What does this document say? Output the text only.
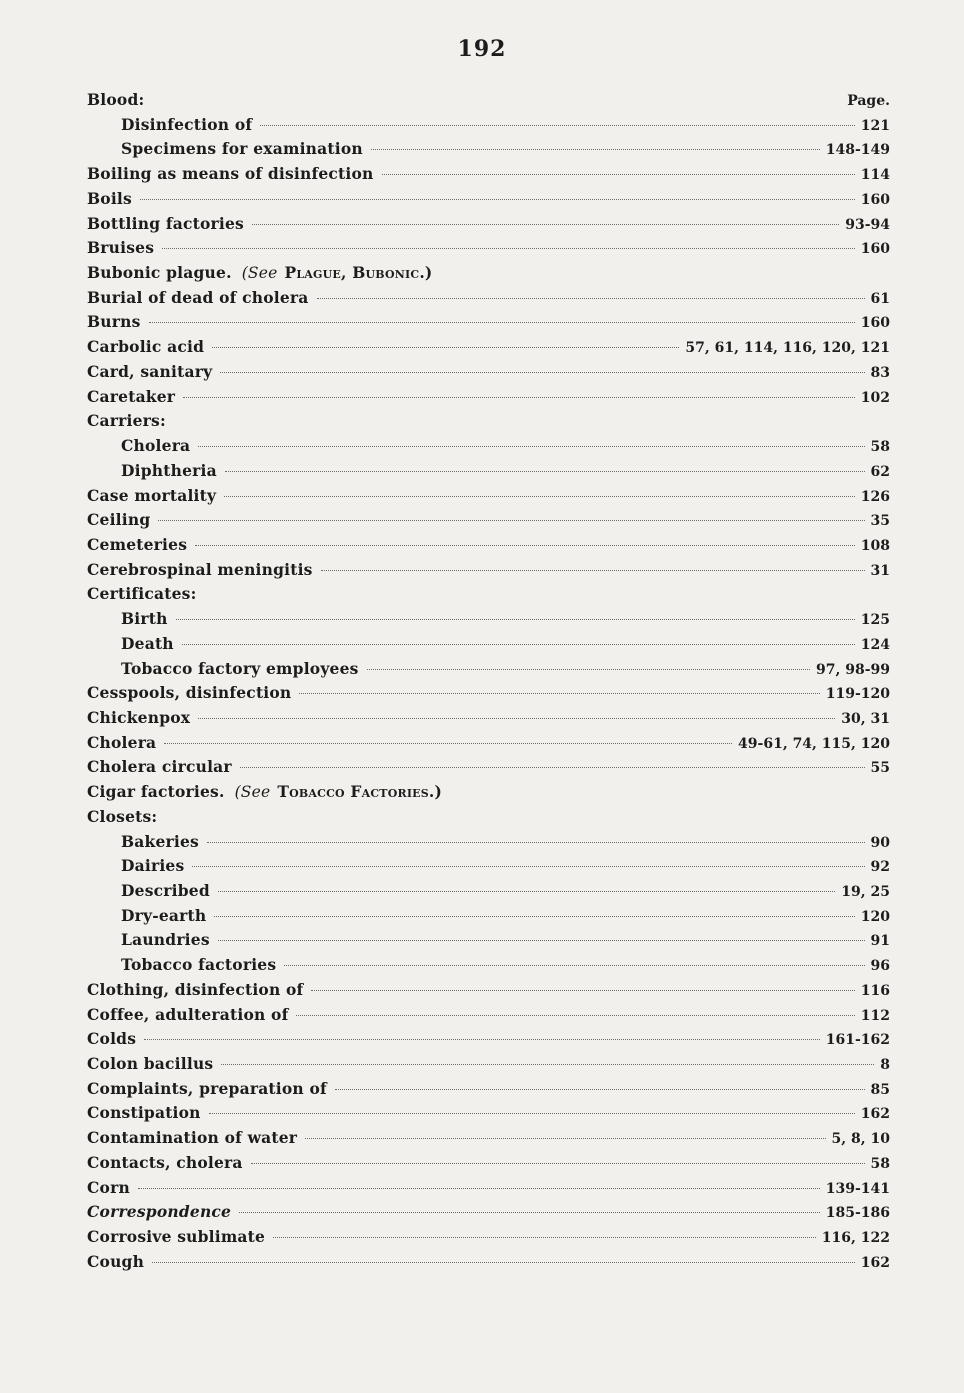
192
Blood:	Page.
Disinfection of	121
Specimens for examination	148-149
Boiling as means of disinfection	114
Boils	160
Bottling factories	93-94
Bruises	160
Bubonic plague. (See Plague, Bubonic.)
Burial of dead of cholera	61
Burns	160
Carbolic acid	57, 61, 114, 116, 120, 121
Card, sanitary	83
Caretaker	102
Carriers:
Cholera	58
Diphtheria	62
Case mortality	126
Ceiling	35
Cemeteries	108
Cerebrospinal meningitis	31
Certificates:
Birth	125
Death	124
Tobacco factory employees	97, 98-99
Cesspools, disinfection	119-120
Chickenpox	30, 31
Cholera	49-61, 74, 115, 120
Cholera circular	55
Cigar factories. (See Tobacco Factories.)
Closets:
Bakeries	90
Dairies	92
Described	19, 25
Dry-earth	120
Laundries	91
Tobacco factories	96
Clothing, disinfection of	116
Coffee, adulteration of	112
Colds	161-162
Colon bacillus	8
Complaints, preparation of	85
Constipation	162
Contamination of water	5, 8, 10
Contacts, cholera	58
Corn	139-141
Correspondence	185-186
Corrosive sublimate	116, 122
Cough	162
